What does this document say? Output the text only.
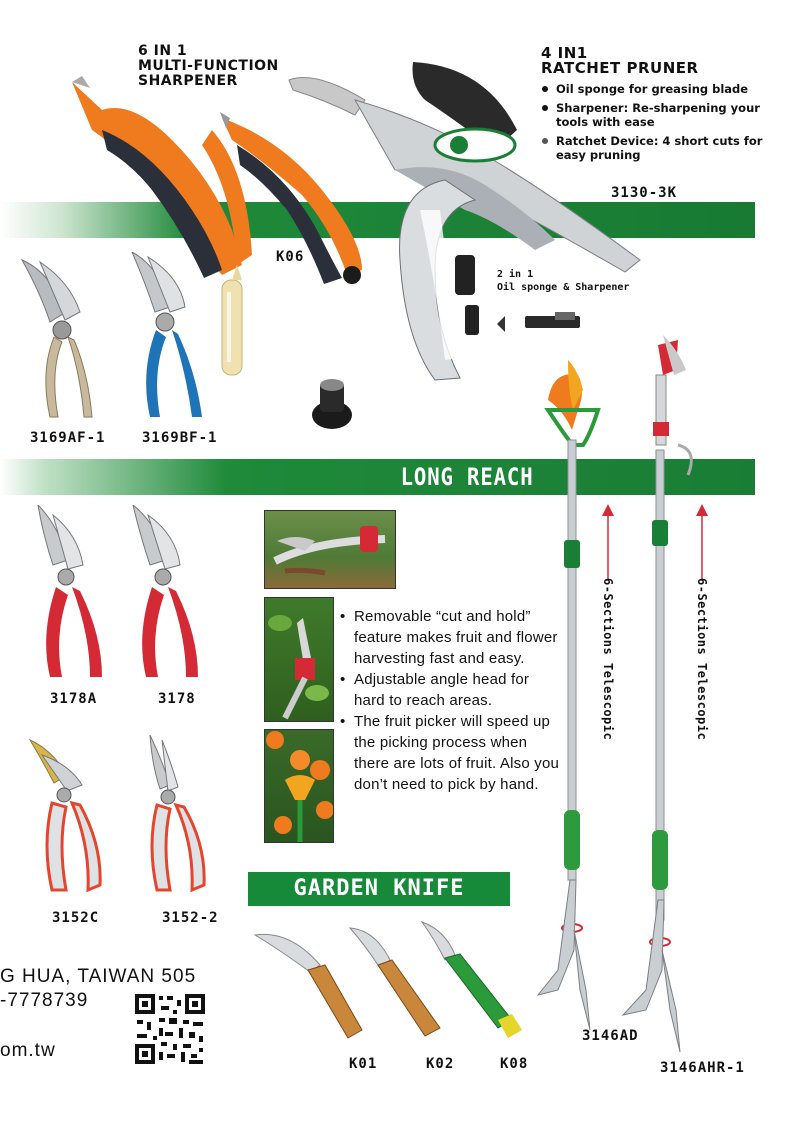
6 IN 1
MULTI-FUNCTION
SHARPENER
4 IN1
RATCHET PRUNER
Oil sponge for greasing blade
Sharpener: Re-sharpening your tools with ease
Ratchet Device: 4 short cuts for easy pruning
3130-3K
K06
2 in 1
Oil sponge & Sharpener
3169AF-1	3169BF-1
LONG REACH
3178A	3178
3152C	3152-2
• Removable “cut and hold” feature makes fruit and flower harvesting fast and easy.
• Adjustable angle head for hard to reach areas.
• The fruit picker will speed up the picking process when there are lots of fruit. Also you don’t need to pick by hand.
6-Sections Telescopic	6-Sections Telescopic
3146AD
3146AHR-1
GARDEN KNIFE
K01	K02	K08
G HUA, TAIWAN 505
-7778739
om.tw
